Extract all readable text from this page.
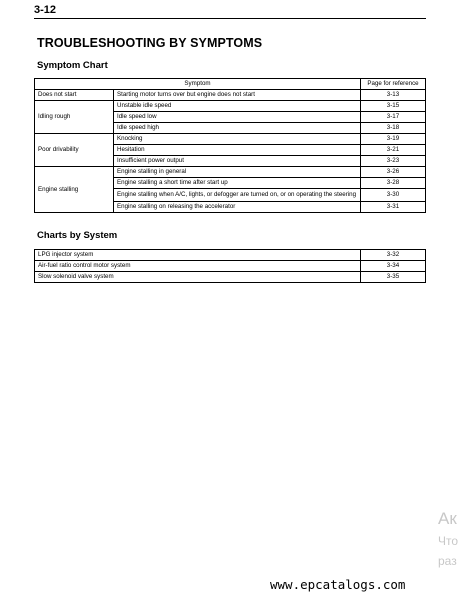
3-12
TROUBLESHOOTING BY SYMPTOMS
Symptom Chart
Symptom		Page for reference
Does not start	Starting motor turns over but engine does not start	3-13
Idling rough	Unstable idle speed	3-15
	Idle speed low	3-17
	Idle speed high	3-18
Poor drivability	Knocking	3-19
	Hesitation	3-21
	Insufficient power output	3-23
Engine stalling	Engine stalling in general	3-26
	Engine stalling a short time after start up	3-28
	Engine stalling when A/C, lights, or defogger are turned on, or on operating the steering	3-30
	Engine stalling on releasing the accelerator	3-31
Charts by System
LPG injector system	3-32
Air-fuel ratio control motor system	3-34
Slow solenoid valve system	3-35
Ак
Что
раз
www.epcatalogs.com
